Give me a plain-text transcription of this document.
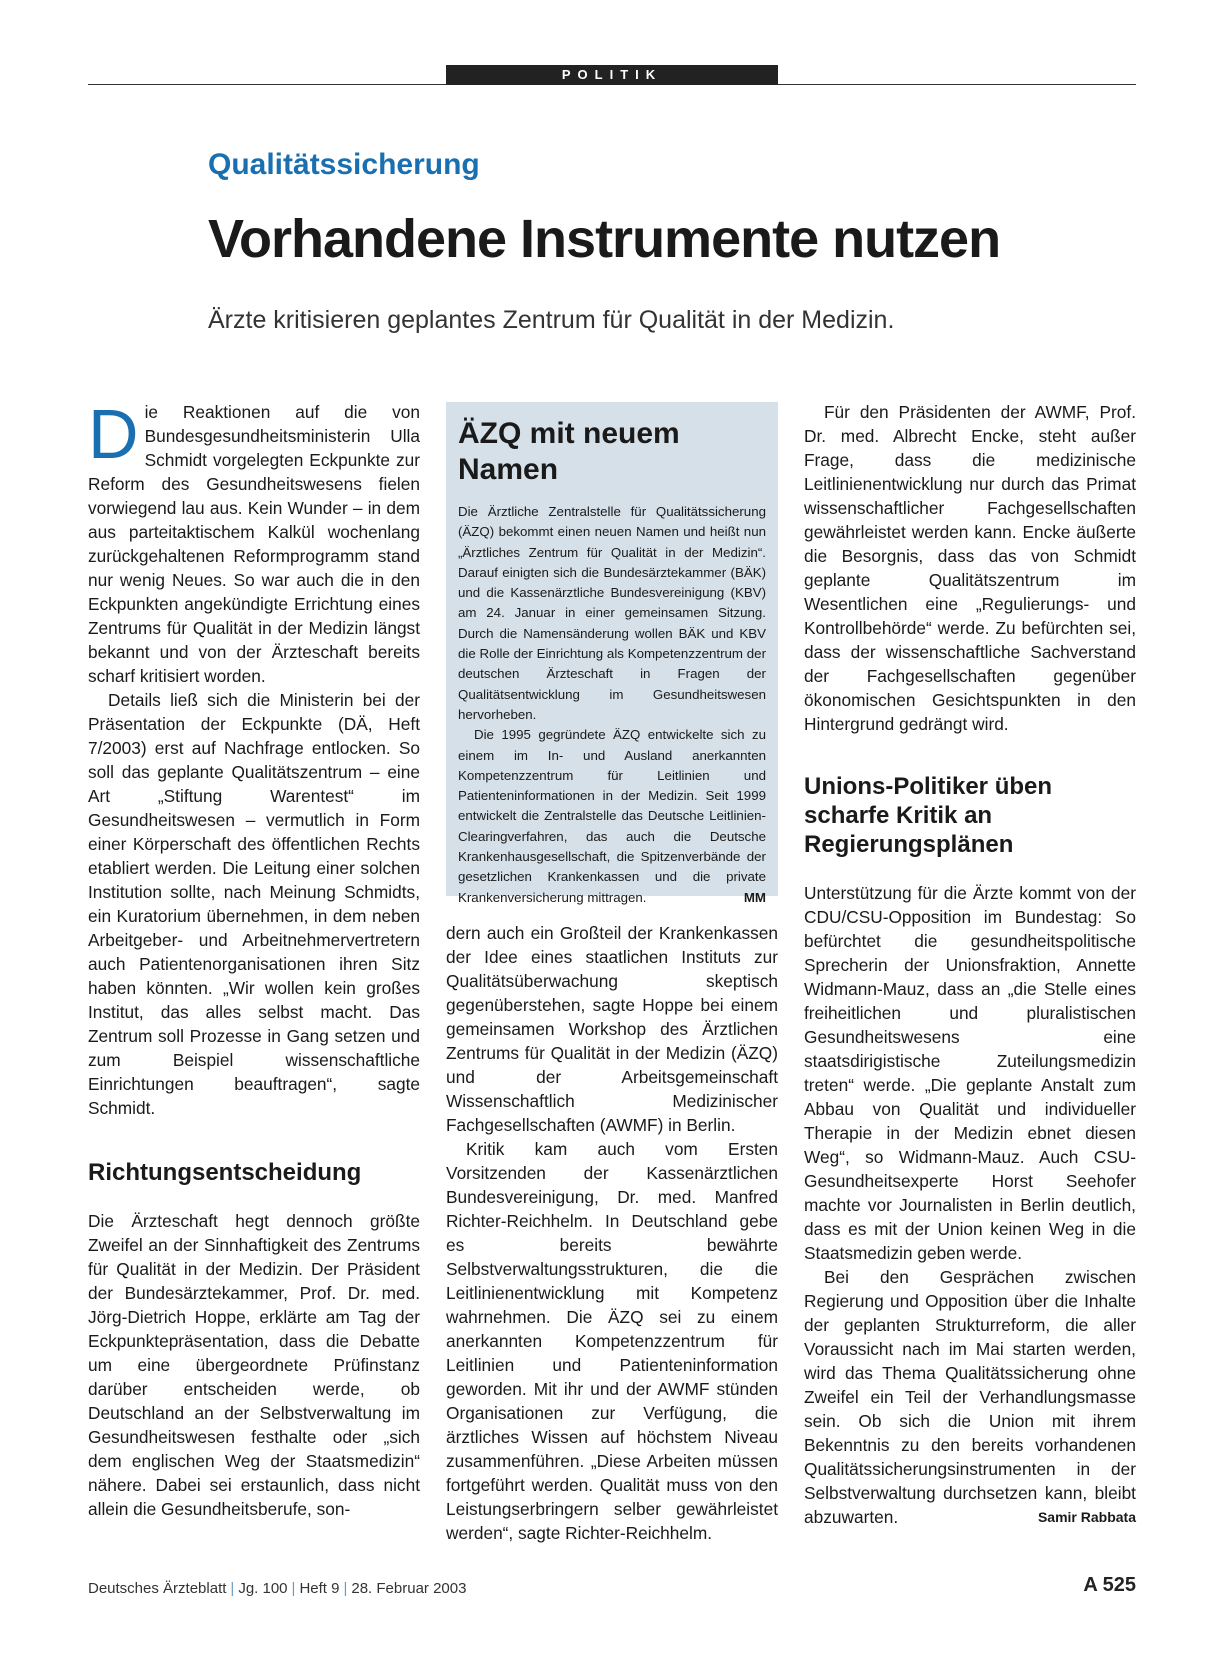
POLITIK
Qualitätssicherung
Vorhandene Instrumente nutzen
Ärzte kritisieren geplantes Zentrum für Qualität in der Medizin.

Die Reaktionen auf die von Bundesgesundheitsministerin Ulla Schmidt vorgelegten Eckpunkte zur Reform des Gesundheitswesens fielen vorwiegend lau aus. Kein Wunder – in dem aus parteitaktischem Kalkül wochenlang zurückgehaltenen Reformprogramm stand nur wenig Neues. So war auch die in den Eckpunkten angekündigte Errichtung eines Zentrums für Qualität in der Medizin längst bekannt und von der Ärzteschaft bereits scharf kritisiert worden.

Details ließ sich die Ministerin bei der Präsentation der Eckpunkte (DÄ, Heft 7/2003) erst auf Nachfrage entlocken. So soll das geplante Qualitätszentrum – eine Art „Stiftung Warentest“ im Gesundheitswesen – vermutlich in Form einer Körperschaft des öffentlichen Rechts etabliert werden. Die Leitung einer solchen Institution sollte, nach Meinung Schmidts, ein Kuratorium übernehmen, in dem neben Arbeitgeber- und Arbeitnehmervertretern auch Patientenorganisationen ihren Sitz haben könnten. „Wir wollen kein großes Institut, das alles selbst macht. Das Zentrum soll Prozesse in Gang setzen und zum Beispiel wissenschaftliche Einrichtungen beauftragen“, sagte Schmidt.

Richtungsentscheidung

Die Ärzteschaft hegt dennoch größte Zweifel an der Sinnhaftigkeit des Zentrums für Qualität in der Medizin. Der Präsident der Bundesärztekammer, Prof. Dr. med. Jörg-Dietrich Hoppe, erklärte am Tag der Eckpunktepräsentation, dass die Debatte um eine übergeordnete Prüfinstanz darüber entscheiden werde, ob Deutschland an der Selbstverwaltung im Gesundheitswesen festhalte oder „sich dem englischen Weg der Staatsmedizin“ nähere. Dabei sei erstaunlich, dass nicht allein die Gesundheitsberufe, son-

ÄZQ mit neuem Namen

Die Ärztliche Zentralstelle für Qualitätssicherung (ÄZQ) bekommt einen neuen Namen und heißt nun „Ärztliches Zentrum für Qualität in der Medizin“. Darauf einigten sich die Bundesärztekammer (BÄK) und die Kassenärztliche Bundesvereinigung (KBV) am 24. Januar in einer gemeinsamen Sitzung. Durch die Namensänderung wollen BÄK und KBV die Rolle der Einrichtung als Kompetenzzentrum der deutschen Ärzteschaft in Fragen der Qualitätsentwicklung im Gesundheitswesen hervorheben.

Die 1995 gegründete ÄZQ entwickelte sich zu einem im In- und Ausland anerkannten Kompetenzzentrum für Leitlinien und Patienteninformationen in der Medizin. Seit 1999 entwickelt die Zentralstelle das Deutsche Leitlinien-Clearingverfahren, das auch die Deutsche Krankenhausgesellschaft, die Spitzenverbände der gesetzlichen Krankenkassen und die private Krankenversicherung mittragen.	MM

dern auch ein Großteil der Krankenkassen der Idee eines staatlichen Instituts zur Qualitätsüberwachung skeptisch gegenüberstehen, sagte Hoppe bei einem gemeinsamen Workshop des Ärztlichen Zentrums für Qualität in der Medizin (ÄZQ) und der Arbeitsgemeinschaft Wissenschaftlich Medizinischer Fachgesellschaften (AWMF) in Berlin.

Kritik kam auch vom Ersten Vorsitzenden der Kassenärztlichen Bundesvereinigung, Dr. med. Manfred Richter-Reichhelm. In Deutschland gebe es bereits bewährte Selbstverwaltungsstrukturen, die die Leitlinienentwicklung mit Kompetenz wahrnehmen. Die ÄZQ sei zu einem anerkannten Kompetenzzentrum für Leitlinien und Patienteninformation geworden. Mit ihr und der AWMF stünden Organisationen zur Verfügung, die ärztliches Wissen auf höchstem Niveau zusammenführen. „Diese Arbeiten müssen fortgeführt werden. Qualität muss von den Leistungserbringern selber gewährleistet werden“, sagte Richter-Reichhelm.

Für den Präsidenten der AWMF, Prof. Dr. med. Albrecht Encke, steht außer Frage, dass die medizinische Leitlinienentwicklung nur durch das Primat wissenschaftlicher Fachgesellschaften gewährleistet werden kann. Encke äußerte die Besorgnis, dass das von Schmidt geplante Qualitätszentrum im Wesentlichen eine „Regulierungs- und Kontrollbehörde“ werde. Zu befürchten sei, dass der wissenschaftliche Sachverstand der Fachgesellschaften gegenüber ökonomischen Gesichtspunkten in den Hintergrund gedrängt wird.

Unions-Politiker üben scharfe Kritik an Regierungsplänen

Unterstützung für die Ärzte kommt von der CDU/CSU-Opposition im Bundestag: So befürchtet die gesundheitspolitische Sprecherin der Unionsfraktion, Annette Widmann-Mauz, dass an „die Stelle eines freiheitlichen und pluralistischen Gesundheitswesens eine staatsdirigistische Zuteilungsmedizin treten“ werde. „Die geplante Anstalt zum Abbau von Qualität und individueller Therapie in der Medizin ebnet diesen Weg“, so Widmann-Mauz. Auch CSU-Gesundheitsexperte Horst Seehofer machte vor Journalisten in Berlin deutlich, dass es mit der Union keinen Weg in die Staatsmedizin geben werde.

Bei den Gesprächen zwischen Regierung und Opposition über die Inhalte der geplanten Strukturreform, die aller Voraussicht nach im Mai starten werden, wird das Thema Qualitätssicherung ohne Zweifel ein Teil der Verhandlungsmasse sein. Ob sich die Union mit ihrem Bekenntnis zu den bereits vorhandenen Qualitätssicherungsinstrumenten in der Selbstverwaltung durchsetzen kann, bleibt abzuwarten.	Samir Rabbata

Deutsches Ärzteblatt | Jg. 100 | Heft 9 | 28. Februar 2003	A 525
